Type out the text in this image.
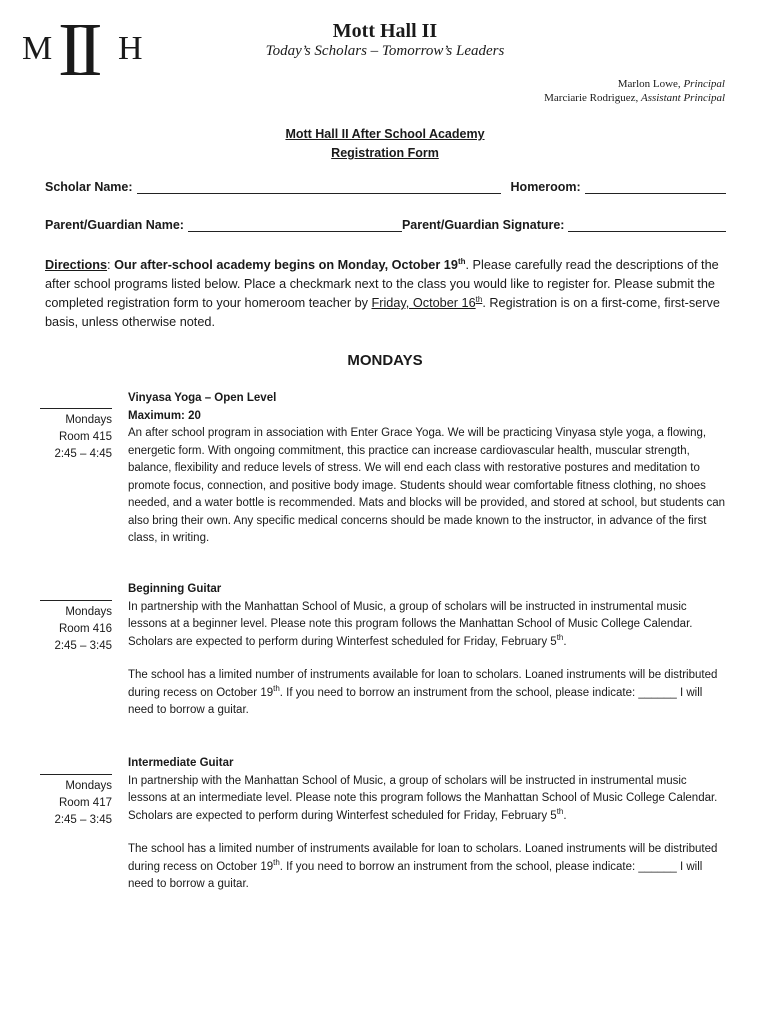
M II H	Mott Hall II
Today’s Scholars – Tomorrow’s Leaders
Marlon Lowe, Principal
Marciarie Rodriguez, Assistant Principal
Mott Hall II After School Academy
Registration Form
Scholar Name:	Homeroom:
Parent/Guardian Name:	Parent/Guardian Signature:
Directions: Our after-school academy begins on Monday, October 19th. Please carefully read the descriptions of the after school programs listed below. Place a checkmark next to the class you would like to register for. Please submit the completed registration form to your homeroom teacher by Friday, October 16th. Registration is on a first-come, first-serve basis, unless otherwise noted.
MONDAYS
Mondays
Room 415
2:45 – 4:45
Vinyasa Yoga – Open Level
Maximum: 20

An after school program in association with Enter Grace Yoga. We will be practicing Vinyasa style yoga, a flowing, energetic form. With ongoing commitment, this practice can increase cardiovascular health, muscular strength, balance, flexibility and reduce levels of stress. We will end each class with restorative postures and meditation to promote focus, connection, and positive body image. Students should wear comfortable fitness clothing, no shoes needed, and a water bottle is recommended. Mats and blocks will be provided, and stored at school, but students can also bring their own. Any specific medical concerns should be made known to the instructor, in advance of the first class, in writing.

Mondays
Room 416
2:45 – 3:45
Beginning Guitar

In partnership with the Manhattan School of Music, a group of scholars will be instructed in instrumental music lessons at a beginner level. Please note this program follows the Manhattan School of Music College Calendar. Scholars are expected to perform during Winterfest scheduled for Friday, February 5th.

The school has a limited number of instruments available for loan to scholars. Loaned instruments will be distributed during recess on October 19th. If you need to borrow an instrument from the school, please indicate: ______ I will need to borrow a guitar.

Mondays
Room 417
2:45 – 3:45
Intermediate Guitar

In partnership with the Manhattan School of Music, a group of scholars will be instructed in instrumental music lessons at an intermediate level. Please note this program follows the Manhattan School of Music College Calendar. Scholars are expected to perform during Winterfest scheduled for Friday, February 5th.

The school has a limited number of instruments available for loan to scholars. Loaned instruments will be distributed during recess on October 19th. If you need to borrow an instrument from the school, please indicate: ______ I will need to borrow a guitar.
